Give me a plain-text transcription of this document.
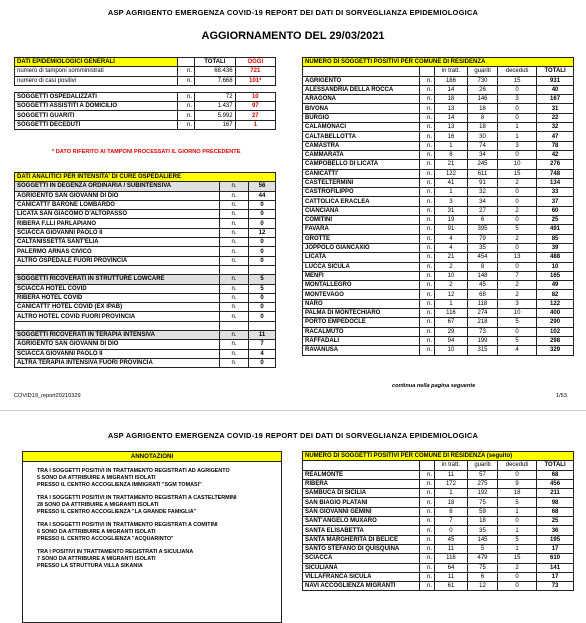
ASP AGRIGENTO EMERGENZA COVID-19 REPORT DEI DATI DI SORVEGLIANZA EPIDEMIOLOGICA
AGGIORNAMENTO DEL 29/03/2021
DATI EPIDEMIOLOGICI GENERALI		TOTALI	OGGI
numero di tamponi somministrati	n.	68.436	721
numero di casi positivi	n.	7.668	101*

SOGGETTI OSPEDALIZZATI	n.	72	10
SOGGETTI ASSISTITI A DOMICILIO	n.	1.437	97
SOGGETTI GUARITI	n.	5.992	27
SOGGETTI DECEDUTI	n.	167	1
* DATO RIFERITO AI TAMPONI PROCESSATI IL GIORNO PRECEDENTE
DATI ANALITICI PER INTENSITA' DI CURE OSPEDALIERE		
SOGGETTI IN DEGENZA ORDINARIA / SUBINTENSIVA	n.	56
AGRIGENTO SAN GIOVANNI DI DIO	n.	44
CANICATTI' BARONE LOMBARDO	n.	0
LICATA SAN GIACOMO D'ALTOPASSO	n.	0
RIBERA F.LLI PARLAPIANO	n.	0
SCIACCA GIOVANNI PAOLO II	n.	12
CALTANISSETTA SANT'ELIA	n.	0
PALERMO ARNAS CIVICO	n.	0
ALTRO OSPEDALE FUORI PROVINCIA	n.	0

SOGGETTI RICOVERATI IN STRUTTURE LOWCARE	n.	5
SCIACCA HOTEL COVID	n.	5
RIBERA HOTEL COVID	n.	0
CANICATTI' HOTEL COVID (EX IPAB)	n.	0
ALTRO HOTEL COVID FUORI PROVINCIA	n.	0

SOGGETTI RICOVERATI IN TERAPIA INTENSIVA	n.	11
AGRIGENTO SAN GIOVANNI DI DIO	n.	7
SCIACCA GIOVANNI PAOLO II	n.	4
ALTRA TERAPIA INTENSIVA FUORI PROVINCIA	n.	0
NUMERO DI SOGGETTI POSITIVI PER COMUNE DI RESIDENZA					
		in tratt.	guariti	deceduti	TOTALI
AGRIGENTO	n.	186	730	15	931
ALESSANDRIA DELLA ROCCA	n.	14	26	0	40
ARAGONA	n.	18	146	3	167
BIVONA	n.	13	18	0	31
BURGIO	n.	14	8	0	22
CALAMONACI	n.	13	18	1	32
CALTABELLOTTA	n.	16	30	1	47
CAMASTRA	n.	1	74	3	78
CAMMARATA	n.	8	34	0	42
CAMPOBELLO DI LICATA	n.	21	245	10	276
CANICATTI'	n.	122	611	15	748
CASTELTERMINI	n.	41	91	2	134
CASTROFILIPPO	n.	1	32	0	33
CATTOLICA ERACLEA	n.	3	34	0	37
CIANCIANA	n.	31	27	2	60
COMITINI	n.	19	6	0	25
FAVARA	n.	91	395	5	491
GROTTE	n.	4	79	2	85
JOPPOLO GIANCAXIO	n.	4	35	0	39
LICATA	n.	21	454	13	488
LUCCA SICULA	n.	2	8	0	10
MENFI	n.	10	148	7	165
MONTALLEGRO	n.	2	45	2	49
MONTEVAGO	n.	12	68	2	82
NARO	n.	1	118	3	122
PALMA DI MONTECHIARO	n.	116	274	10	400
PORTO EMPEDOCLE	n.	67	218	5	290
RACALMUTO	n.	29	73	0	102
RAFFADALI	n.	94	199	5	298
RAVANUSA	n.	10	315	4	329
continua nella pagina seguente
COVID19_report20210329	1/53
ASP AGRIGENTO EMERGENZA COVID-19 REPORT DEI DATI DI SORVEGLIANZA EPIDEMIOLOGICA
ANNOTAZIONI
TRA I SOGGETTI POSITIVI IN TRATTAMENTO REGISTRATI AD AGRIGENTO
5 SONO DA ATTRIBUIRE A MIGRANTI ISOLATI
PRESSO IL CENTRO ACCOGLIENZA IMMIGRATI "SGM TOMASI"
TRA I SOGGETTI POSITIVI IN TRATTAMENTO REGISTRATI A CASTELTERMINI
28 SONO DA ATTRIBUIRE A MIGRANTI ISOLATI
PRESSO IL CENTRO ACCOGLIENZA "LA GRANDE FAMIGLIA"
TRA I SOGGETTI POSITIVI IN TRATTAMENTO REGISTRATI A COMITINI
6 SONO DA ATTRIBUIRE A MIGRANTI ISOLATI
PRESSO IL CENTRO ACCOGLIENZA "ACQUARINTO"
TRA I POSITIVI IN TRATTAMENTO REGISTRATI A SICULIANA
7 SONO DA ATTRIBUIRE A MIGRANTI ISOLATI
PRESSO LA STRUTTURA VILLA SIKANIA
NUMERO DI SOGGETTI POSITIVI PER COMUNE DI RESIDENZA (seguito)					
		in tratt.	guariti	deceduti	TOTALI
REALMONTE	n.	11	57	0	68
RIBERA	n.	172	275	9	456
SAMBUCA DI SICILIA	n.	1	192	18	211
SAN BIAGIO PLATANI	n.	18	75	5	98
SAN GIOVANNI GEMINI	n.	8	59	1	68
SANT'ANGELO MUXARO	n.	7	18	0	25
SANTA ELISABETTA	n.	0	35	1	36
SANTA MARGHERITA DI BELICE	n.	45	145	5	195
SANTO STEFANO DI QUISQUINA	n.	11	5	1	17
SCIACCA	n.	116	479	15	610
SICULIANA	n.	64	75	2	141
VILLAFRANCA SICULA	n.	11	6	0	17
NAVI ACCOGLIENZA MIGRANTI	n.	61	12	0	73
